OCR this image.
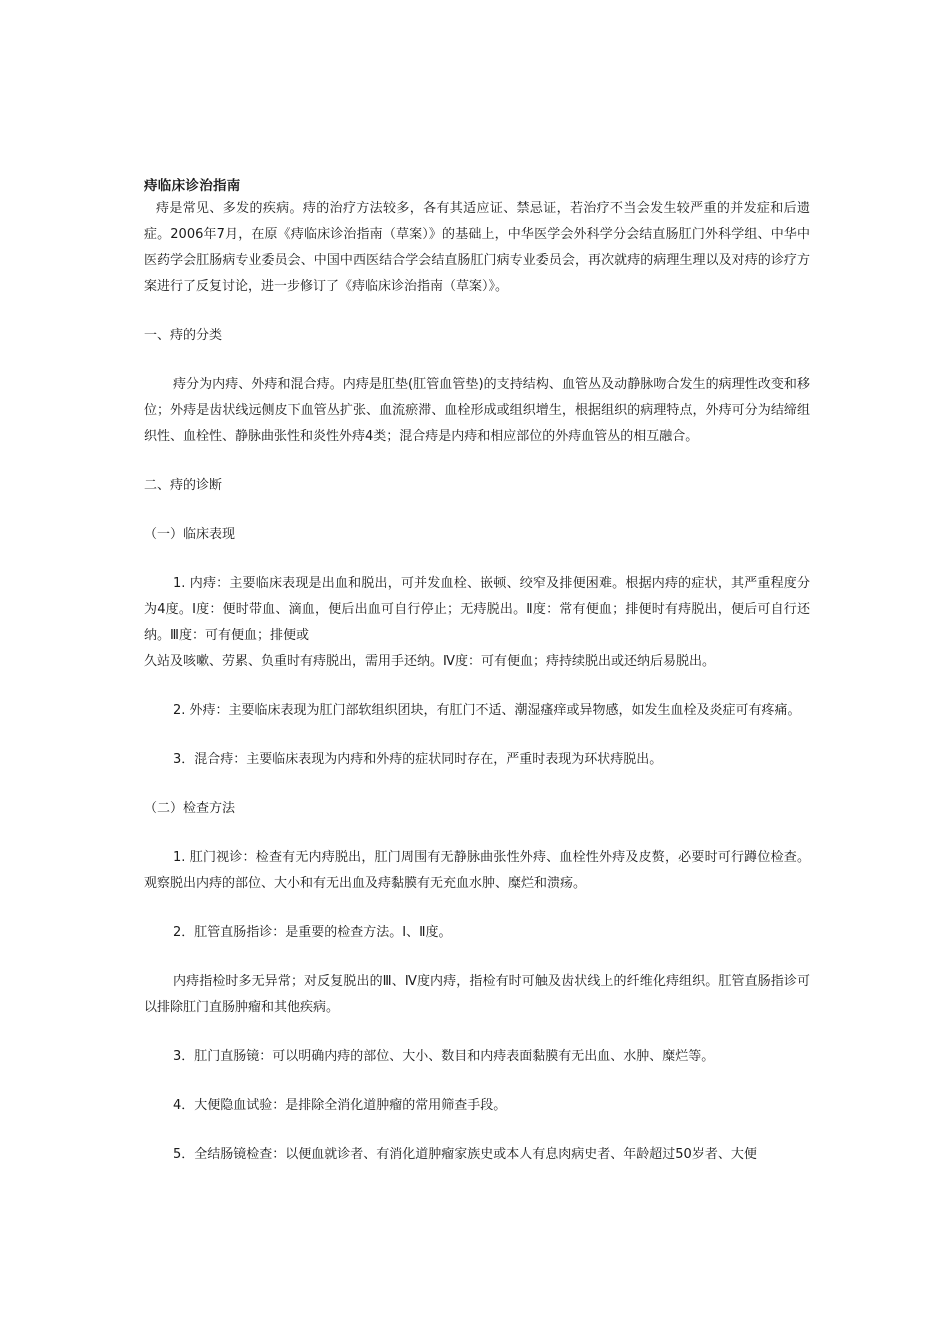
痔临床诊治指南

痔是常见、多发的疾病。痔的治疗方法较多，各有其适应证、禁忌证，若治疗不当会发生较严重的并发症和后遗症。2006年7月，在原《痔临床诊治指南（草案）》的基础上，中华医学会外科学分会结直肠肛门外科学组、中华中医药学会肛肠病专业委员会、中国中西医结合学会结直肠肛门病专业委员会，再次就痔的病理生理以及对痔的诊疗方案进行了反复讨论，进一步修订了《痔临床诊治指南（草案）》。

一、痔的分类

痔分为内痔、外痔和混合痔。内痔是肛垫(肛管血管垫)的支持结构、血管丛及动静脉吻合发生的病理性改变和移位；外痔是齿状线远侧皮下血管丛扩张、血流瘀滞、血栓形成或组织增生，根据组织的病理特点，外痔可分为结缔组织性、血栓性、静脉曲张性和炎性外痔4类；混合痔是内痔和相应部位的外痔血管丛的相互融合。

二、痔的诊断

（一）临床表现

1. 内痔：主要临床表现是出血和脱出，可并发血栓、嵌顿、绞窄及排便困难。根据内痔的症状，其严重程度分为4度。Ⅰ度：便时带血、滴血，便后出血可自行停止；无痔脱出。Ⅱ度：常有便血；排便时有痔脱出，便后可自行还纳。Ⅲ度：可有便血；排便或

久站及咳嗽、劳累、负重时有痔脱出，需用手还纳。Ⅳ度：可有便血；痔持续脱出或还纳后易脱出。

2. 外痔：主要临床表现为肛门部软组织团块，有肛门不适、潮湿瘙痒或异物感，如发生血栓及炎症可有疼痛。

3．混合痔：主要临床表现为内痔和外痔的症状同时存在，严重时表现为环状痔脱出。

（二）检查方法

1. 肛门视诊：检查有无内痔脱出，肛门周围有无静脉曲张性外痔、血栓性外痔及皮赘，必要时可行蹲位检查。观察脱出内痔的部位、大小和有无出血及痔黏膜有无充血水肿、糜烂和溃疡。

2．肛管直肠指诊：是重要的检查方法。Ⅰ、Ⅱ度。

内痔指检时多无异常；对反复脱出的Ⅲ、Ⅳ度内痔，指检有时可触及齿状线上的纤维化痔组织。肛管直肠指诊可以排除肛门直肠肿瘤和其他疾病。

3．肛门直肠镜：可以明确内痔的部位、大小、数目和内痔表面黏膜有无出血、水肿、糜烂等。

4．大便隐血试验：是排除全消化道肿瘤的常用筛查手段。

5．全结肠镜检查：以便血就诊者、有消化道肿瘤家族史或本人有息肉病史者、年龄超过50岁者、大便
